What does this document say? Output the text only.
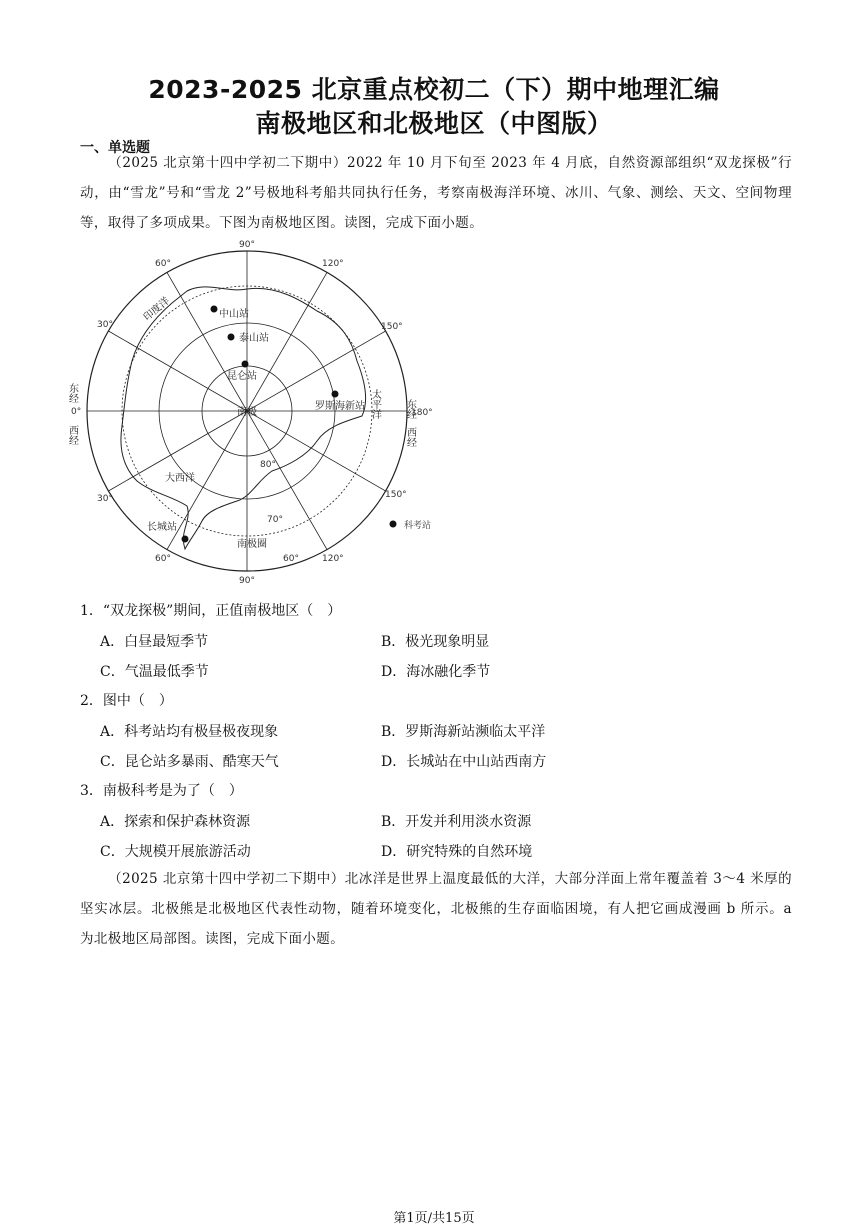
2023-2025 北京重点校初二（下）期中地理汇编
南极地区和北极地区（中图版）
一、单选题
（2025 北京第十四中学初二下期中）2022 年 10 月下旬至 2023 年 4 月底，自然资源部组织“双龙探极”行动，由“雪龙”号和“雪龙 2”号极地科考船共同执行任务，考察南极海洋环境、冰川、气象、测绘、天文、空间物理等，取得了多项成果。下图为南极地区图。读图，完成下面小题。
印度洋	中山站
泰山站
昆仑站
南极
罗斯海新站 太平洋
大西洋
长城站
南极圈
东经
180°
西经
东经
0°
西经
90°
120°
60°
150°
30°
30°	150°
60°
90°
60°	120°
80°
70°
科考站
1．“双龙探极”期间，正值南极地区（　）
A．白昼最短季节	B．极光现象明显
C．气温最低季节	D．海冰融化季节
2．图中（　）
A．科考站均有极昼极夜现象	B．罗斯海新站濒临太平洋
C．昆仑站多暴雨、酷寒天气	D．长城站在中山站西南方
3．南极科考是为了（　）
A．探索和保护森林资源	B．开发并利用淡水资源
C．大规模开展旅游活动	D．研究特殊的自然环境
（2025 北京第十四中学初二下期中）北冰洋是世界上温度最低的大洋，大部分洋面上常年覆盖着 3～4 米厚的坚实冰层。北极熊是北极地区代表性动物，随着环境变化，北极熊的生存面临困境，有人把它画成漫画 b 所示。a 为北极地区局部图。读图，完成下面小题。
第1页/共15页
